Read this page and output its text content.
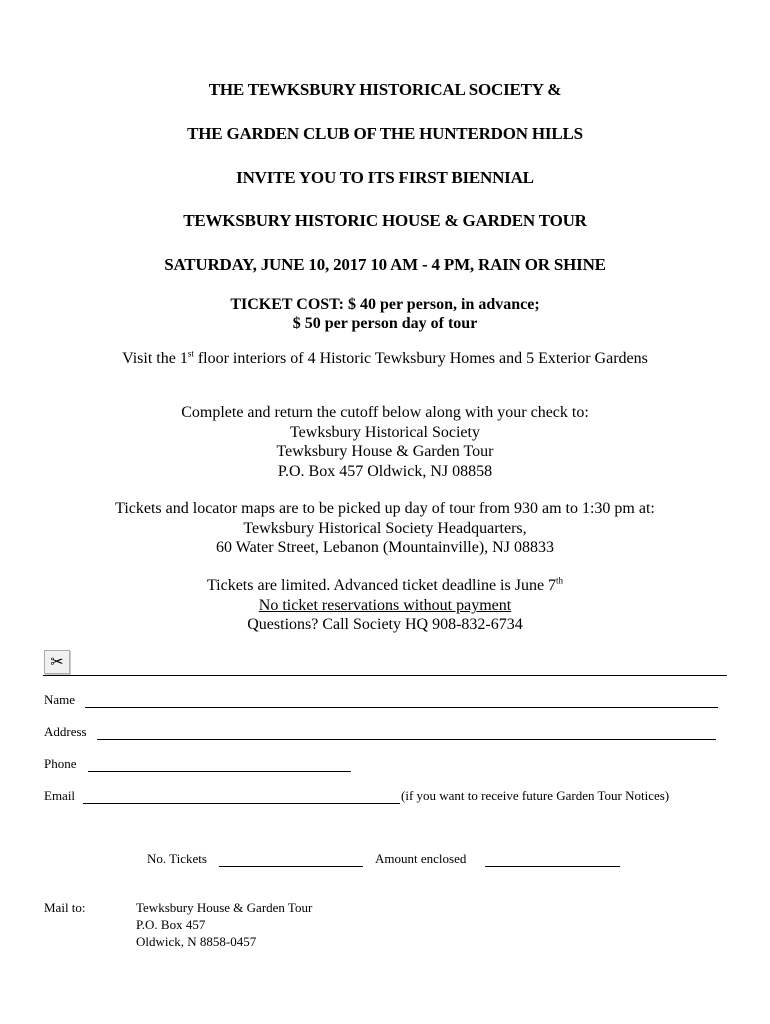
THE TEWKSBURY HISTORICAL SOCIETY &
THE GARDEN CLUB OF THE HUNTERDON HILLS
INVITE YOU TO ITS FIRST BIENNIAL
TEWKSBURY HISTORIC HOUSE & GARDEN TOUR
SATURDAY, JUNE 10, 2017 10 AM - 4 PM, RAIN OR SHINE
TICKET COST: $ 40 per person, in advance;
$ 50 per person day of tour
Visit the 1st floor interiors of 4 Historic Tewksbury Homes and 5 Exterior Gardens
Complete and return the cutoff below along with your check to:
Tewksbury Historical Society
Tewksbury House & Garden Tour
P.O. Box 457 Oldwick, NJ 08858
Tickets and locator maps are to be picked up day of tour from 930 am to 1:30 pm at:
Tewksbury Historical Society Headquarters,
60 Water Street, Lebanon (Mountainville), NJ 08833
Tickets are limited. Advanced ticket deadline is June 7th
No ticket reservations without payment
Questions? Call Society HQ 908-832-6734
✂
Name
Address
Phone
Email	(if you want to receive future Garden Tour Notices)
No. Tickets	Amount enclosed
Mail to:	Tewksbury House & Garden Tour
P.O. Box 457
Oldwick, N 8858-0457
